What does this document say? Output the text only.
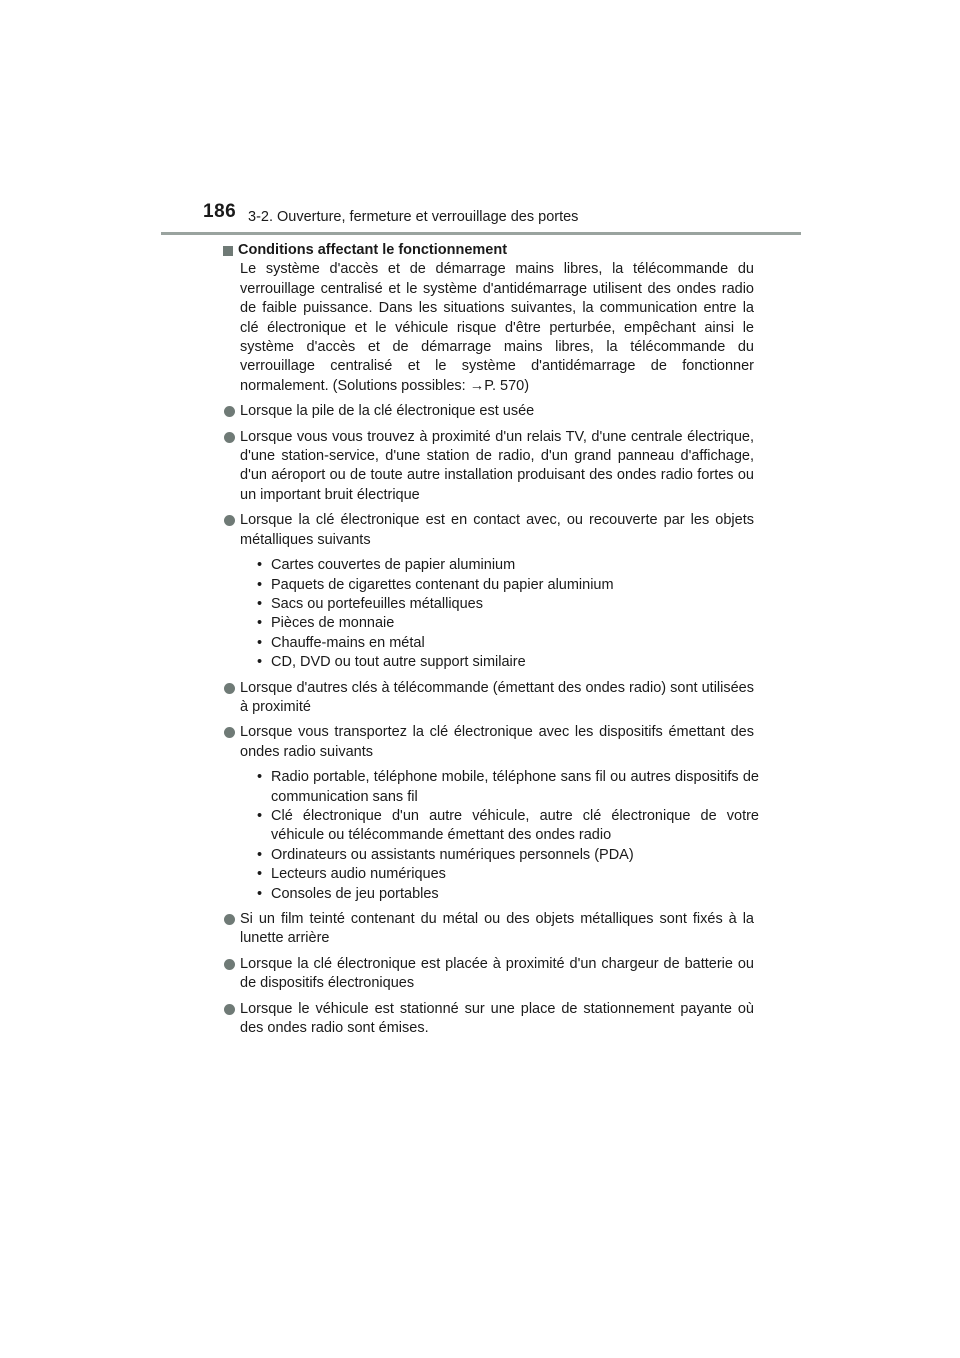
186 3-2. Ouverture, fermeture et verrouillage des portes
Conditions affectant le fonctionnement

Le système d'accès et de démarrage mains libres, la télécommande du verrouillage centralisé et le système d'antidémarrage utilisent des ondes radio de faible puissance. Dans les situations suivantes, la communication entre la clé électronique et le véhicule risque d'être perturbée, empêchant ainsi le système d'accès et de démarrage mains libres, la télécommande du verrouillage centralisé et le système d'antidémarrage de fonctionner normalement. (Solutions possibles: →P. 570)

Lorsque la pile de la clé électronique est usée
Lorsque vous vous trouvez à proximité d'un relais TV, d'une centrale électrique, d'une station-service, d'une station de radio, d'un grand panneau d'affichage, d'un aéroport ou de toute autre installation produisant des ondes radio fortes ou un important bruit électrique
Lorsque la clé électronique est en contact avec, ou recouverte par les objets métalliques suivants
• Cartes couvertes de papier aluminium
• Paquets de cigarettes contenant du papier aluminium
• Sacs ou portefeuilles métalliques
• Pièces de monnaie
• Chauffe-mains en métal
• CD, DVD ou tout autre support similaire
Lorsque d'autres clés à télécommande (émettant des ondes radio) sont utilisées à proximité
Lorsque vous transportez la clé électronique avec les dispositifs émettant des ondes radio suivants
• Radio portable, téléphone mobile, téléphone sans fil ou autres dispositifs de communication sans fil
• Clé électronique d'un autre véhicule, autre clé électronique de votre véhicule ou télécommande émettant des ondes radio
• Ordinateurs ou assistants numériques personnels (PDA)
• Lecteurs audio numériques
• Consoles de jeu portables
Si un film teinté contenant du métal ou des objets métalliques sont fixés à la lunette arrière
Lorsque la clé électronique est placée à proximité d'un chargeur de batterie ou de dispositifs électroniques
Lorsque le véhicule est stationné sur une place de stationnement payante où des ondes radio sont émises.
